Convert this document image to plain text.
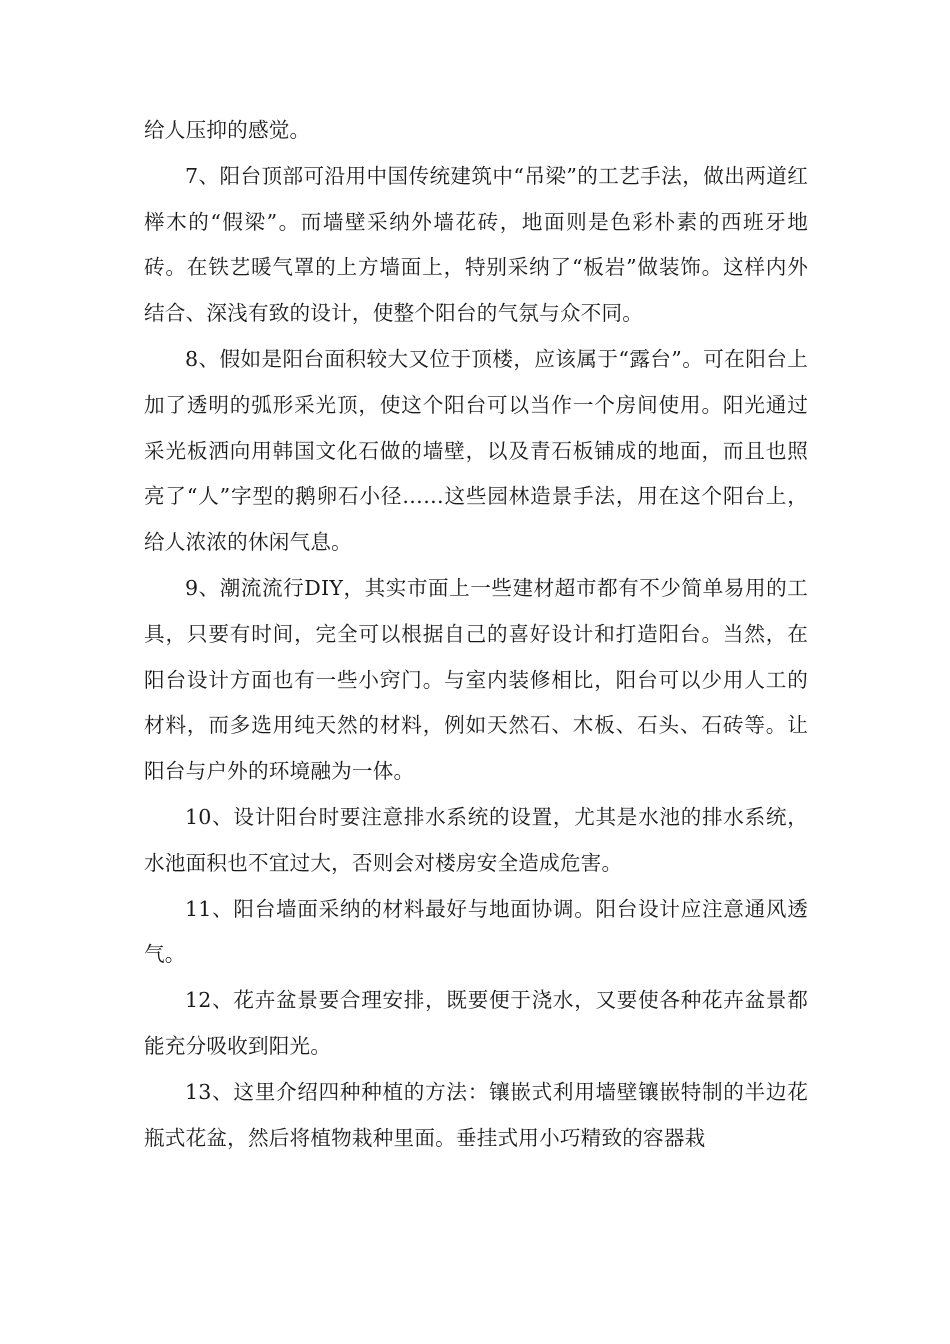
给人压抑的感觉。

7、阳台顶部可沿用中国传统建筑中“吊梁”的工艺手法，做出两道红榉木的“假梁”。而墙壁采纳外墙花砖，地面则是色彩朴素的西班牙地砖。在铁艺暖气罩的上方墙面上，特别采纳了“板岩”做装饰。这样内外结合、深浅有致的设计，使整个阳台的气氛与众不同。

8、假如是阳台面积较大又位于顶楼，应该属于“露台”。可在阳台上加了透明的弧形采光顶，使这个阳台可以当作一个房间使用。阳光通过采光板洒向用韩国文化石做的墙壁，以及青石板铺成的地面，而且也照亮了“人”字型的鹅卵石小径……这些园林造景手法，用在这个阳台上，给人浓浓的休闲气息。

9、潮流流行DIY，其实市面上一些建材超市都有不少简单易用的工具，只要有时间，完全可以根据自己的喜好设计和打造阳台。当然，在阳台设计方面也有一些小窍门。与室内装修相比，阳台可以少用人工的材料，而多选用纯天然的材料，例如天然石、木板、石头、石砖等。让阳台与户外的环境融为一体。

10、设计阳台时要注意排水系统的设置，尤其是水池的排水系统，水池面积也不宜过大，否则会对楼房安全造成危害。

11、阳台墙面采纳的材料最好与地面协调。阳台设计应注意通风透气。

12、花卉盆景要合理安排，既要便于浇水，又要使各种花卉盆景都能充分吸收到阳光。

13、这里介绍四种种植的方法：镶嵌式利用墙壁镶嵌特制的半边花瓶式花盆，然后将植物栽种里面。垂挂式用小巧精致的容器栽
